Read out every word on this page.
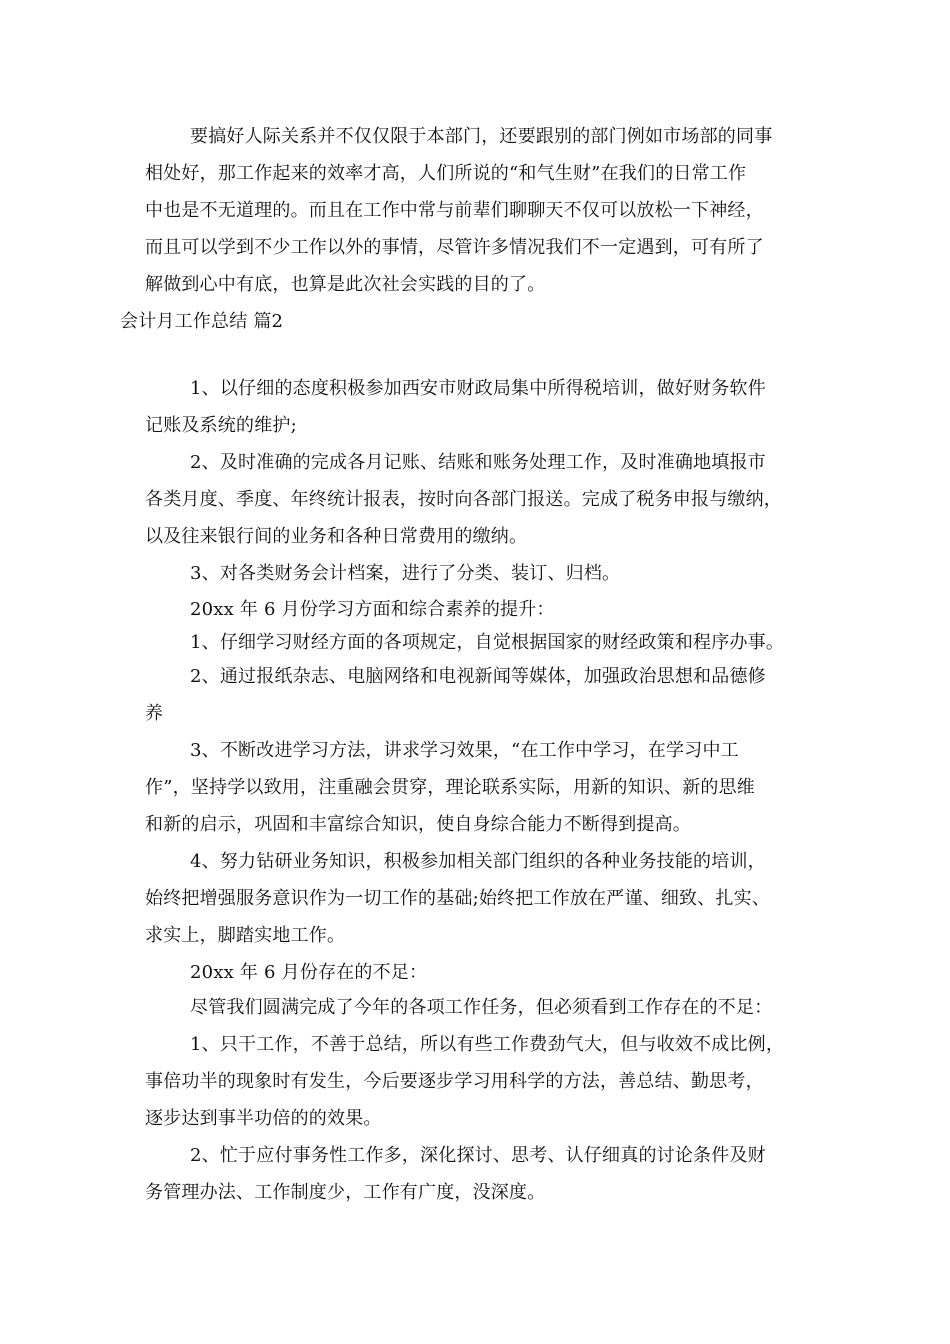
要搞好人际关系并不仅仅限于本部门，还要跟别的部门例如市场部的同事
相处好，那工作起来的效率才高，人们所说的“和气生财”在我们的日常工作
中也是不无道理的。而且在工作中常与前辈们聊聊天不仅可以放松一下神经，
而且可以学到不少工作以外的事情，尽管许多情况我们不一定遇到，可有所了
解做到心中有底，也算是此次社会实践的目的了。
会计月工作总结 篇2
1、以仔细的态度积极参加西安市财政局集中所得税培训，做好财务软件
记账及系统的维护;
2、及时准确的完成各月记账、结账和账务处理工作，及时准确地填报市
各类月度、季度、年终统计报表，按时向各部门报送。完成了税务申报与缴纳，
以及往来银行间的业务和各种日常费用的缴纳。
3、对各类财务会计档案，进行了分类、装订、归档。
20xx 年 6 月份学习方面和综合素养的提升：
1、仔细学习财经方面的各项规定，自觉根据国家的财经政策和程序办事。
2、通过报纸杂志、电脑网络和电视新闻等媒体，加强政治思想和品德修
养
3、不断改进学习方法，讲求学习效果，“在工作中学习，在学习中工
作”，坚持学以致用，注重融会贯穿，理论联系实际，用新的知识、新的思维
和新的启示，巩固和丰富综合知识，使自身综合能力不断得到提高。
4、努力钻研业务知识，积极参加相关部门组织的各种业务技能的培训，
始终把增强服务意识作为一切工作的基础;始终把工作放在严谨、细致、扎实、
求实上，脚踏实地工作。
20xx 年 6 月份存在的不足：
尽管我们圆满完成了今年的各项工作任务，但必须看到工作存在的不足：
1、只干工作，不善于总结，所以有些工作费劲气大，但与收效不成比例，
事倍功半的现象时有发生，今后要逐步学习用科学的方法，善总结、勤思考，
逐步达到事半功倍的的效果。
2、忙于应付事务性工作多，深化探讨、思考、认仔细真的讨论条件及财
务管理办法、工作制度少，工作有广度，没深度。
